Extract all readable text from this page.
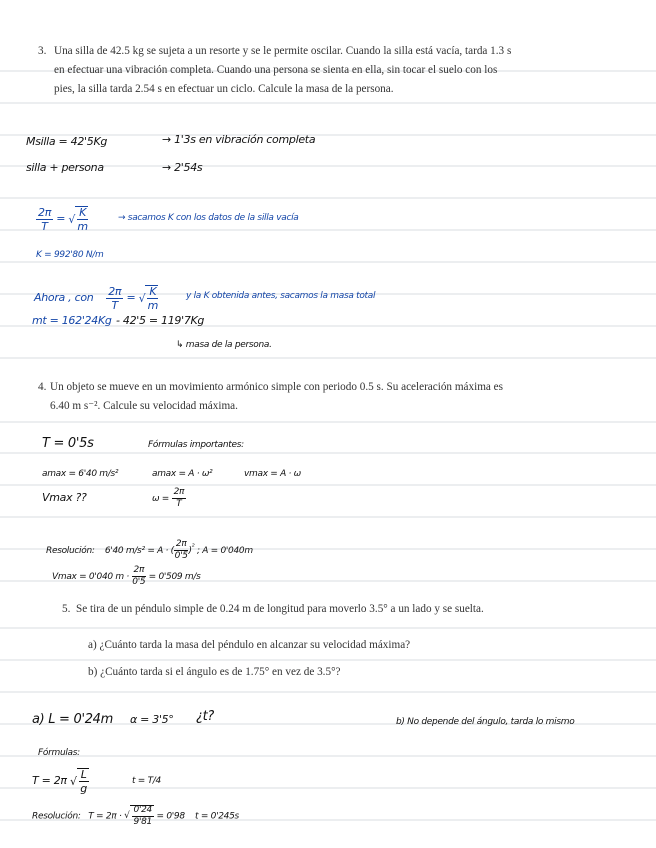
3. Una silla de 42.5 kg se sujeta a un resorte y se le permite oscilar. Cuando la silla está vacía, tarda 1.3 s
en efectuar una vibración completa. Cuando una persona se sienta en ella, sin tocar el suelo con los
pies, la silla tarda 2.54 s en efectuar un ciclo. Calcule la masa de la persona.
Msilla = 42'5Kg	→ 1'3s en vibración completa
silla + persona	→ 2'54s
$\frac{2\pi}{T}$ = √ $\frac{K}{m}$	→ sacamos K con los datos de la silla vacía
K = 992'80 N/m
Ahora , con $\frac{2\pi}{T}$ = √ $\frac{K}{m}$	y la K obtenida antes, sacamos la masa total
mt = 162'24Kg - 42'5 = 119'7Kg
↳ masa de la persona.
4. Un objeto se mueve en un movimiento armónico simple con periodo 0.5 s. Su aceleración máxima es
6.40 m s⁻². Calcule su velocidad máxima.
T = 0'5s	Fórmulas importantes:
amax = 6'40 m/s²	amax = A · ω²	vmax = A · ω
Vmax ??	$\omega = \frac{2\pi}{T}$
Resolución: 6'40 m/s² = A · ( $\frac{2\pi}{0'5} )^{^2}$ ; A = 0'040m
Vmax = 0'040 $m \cdot \frac{2\pi}{0'5} = 0'509$ m/s
5. Se tira de un péndulo simple de 0.24 m de longitud para moverlo 3.5° a un lado y se suelta.
a) ¿Cuánto tarda la masa del péndulo en alcanzar su velocidad máxima?
b) ¿Cuánto tarda si el ángulo es de 1.75° en vez de 3.5°?
a) L = 0'24m α = 3'5° ¿t?	b) No depende del ángulo, tarda lo mismo
Fórmulas:
T = 2π √ $\frac{L}{g}$	t = T/4
Resolución: T = 2π · √ $\frac{0'24}{9'81} = 0'98$ t = 0'245s
